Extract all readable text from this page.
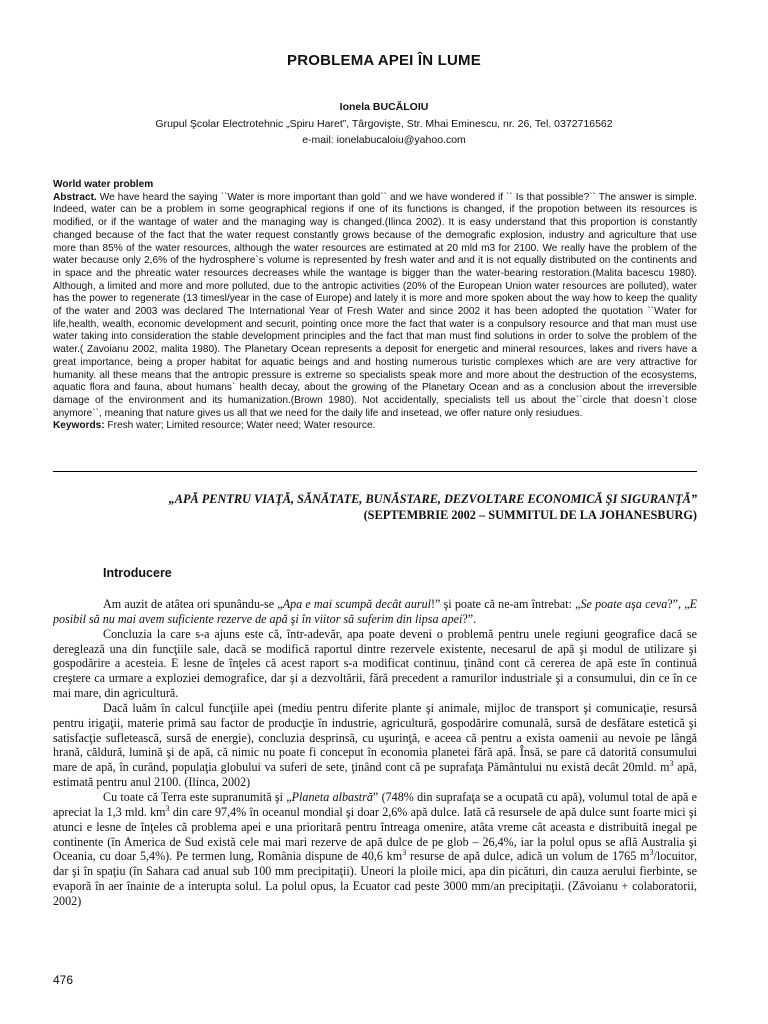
PROBLEMA APEI ÎN LUME
Ionela BUCĂLOIU
Grupul Şcolar Electrotehnic „Spiru Haret”, Târgovişte, Str. Mhai Eminescu, nr. 26, Tel. 0372716562
e-mail: ionelabucaloiu@yahoo.com
World water problem
Abstract. We have heard the saying ``Water is more important than gold`` and we have wondered if `` Is that possible?`` The answer is simple. Indeed, water can be a problem in some geographical regions if one of its functions is changed, if the propotion between its resources is modified, or if the wantage of water and the managing way is changed.(Ilinca 2002). It is easy understand that this proportion is constantly changed because of the fact that the water request constantly grows because of the demografic explosion, industry and agriculture that use more than 85% of the water resources, although the water resources are estimated at 20 mld m3 for 2100. We really have the problem of the water because only 2,6% of the hydrosphere`s volume is represented by fresh water and and it is not equally distributed on the continents and in space and the phreatic water resources decreases while the wantage is bigger than the water-bearing restoration.(Malita bacescu 1980). Although, a limited and more and more polluted, due to the antropic activities (20% of the European Union water resources are polluted), water has the power to regenerate (13 timesl/year in the case of Europe) and lately it is more and more spoken about the way how to keep the quality of the water and 2003 was declared The International Year of Fresh Water and since 2002 it has been adopted the quotation ``Water for life,health, wealth, economic development and securit, pointing once more the fact that water is a conpulsory resource and that man must use water taking into consideration the stable development principles and the fact that man must find solutions in order to solve the problem of the water.( Zavoianu 2002, malita 1980). The Planetary Ocean represents a deposit for energetic and mineral resources, lakes and rivers have a great importance, being a proper habitat for aquatic beings and and hosting numerous turistic complexes which are are very attractive for humanity. all these means that the antropic pressure is extreme so specialists speak more and more about the destruction of the ecosystems, aquatic flora and fauna, about humans` health decay, about the growing of the Planetary Ocean and as a conclusion about the irreversible damage of the environment and its humanization.(Brown 1980). Not accidentally, specialists tell us about the``circle that doesn`t close anymore``, meaning that nature gives us all that we need for the daily life and insetead, we offer nature only resiudues.
Keywords: Fresh water; Limited resource; Water need; Water resource.
„APĂ PENTRU VIAŢĂ, SĂNĂTATE, BUNĂSTARE, DEZVOLTARE ECONOMICĂ ŞI SIGURANŢĂ”
(SEPTEMBRIE 2002 – SUMMITUL DE LA JOHANESBURG)
Introducere

Am auzit de atâtea ori spunându-se „Apa e mai scumpă decât aurul!” şi poate că ne-am întrebat: „Se poate aşa ceva?”, „E posibil să nu mai avem suficiente rezerve de apă şi în viitor să suferim din lipsa apei?”.

Concluzia la care s-a ajuns este că, într-adevăr, apa poate deveni o problemă pentru unele regiuni geografice dacă se dereglează una din funcţiile sale, dacă se modifică raportul dintre rezervele existente, necesarul de apă şi modul de utilizare şi gospodărire a acesteia. E lesne de înţeles că acest raport s-a modificat continuu, ţinând cont că cererea de apă este în continuă creştere ca urmare a exploziei demografice, dar şi a dezvoltării, fără precedent a ramurilor industriale şi a consumului, din ce în ce mai mare, din agricultură.

Dacă luăm în calcul funcţiile apei (mediu pentru diferite plante şi animale, mijloc de transport şi comunicaţie, resursă pentru irigaţii, materie primă sau factor de producţie în industrie, agricultură, gospodărire comunală, sursă de desfătare estetică şi satisfacţie sufletească, sursă de energie), concluzia desprinsă, cu uşurinţă, e aceea că pentru a exista oamenii au nevoie pe lângă hrană, căldură, lumină şi de apă, că nimic nu poate fi conceput în economia planetei fără apă. Însă, se pare că datorită consumului mare de apă, în curând, populaţia globului va suferi de sete, ţinând cont că pe suprafaţa Pământului nu există decât 20mld. $m^3$ apă, estimată pentru anul 2100. (Ilinca, 2002)

Cu toate că Terra este supranumită şi „Planeta albastră” (748% din suprafaţa se a ocupată cu apă), volumul total de apă e apreciat la 1,3 mld. $km^3$ din care 97,4% în oceanul mondial şi doar 2,6% apă dulce. Iată că resursele de apă dulce sunt foarte mici şi atunci e lesne de înţeles că problema apei e una prioritară pentru întreaga omenire, atâta vreme cât aceasta e distribuită inegal pe continente (în America de Sud există cele mai mari rezerve de apă dulce de pe glob – 26,4%, iar la polul opus se află Australia şi Oceania, cu doar 5,4%). Pe termen lung, România dispune de 40,6 $km^3$ resurse de apă dulce, adică un volum de 1765 $m^3$/locuitor, dar şi în spaţiu (în Sahara cad anual sub 100 mm precipitaţii). Uneori la ploile mici, apa din picături, din cauza aerului fierbinte, se evaporă în aer înainte de a interupta solul. La polul opus, la Ecuator cad peste 3000 mm/an precipitaţii. (Zăvoianu + colaboratorii, 2002)

476
